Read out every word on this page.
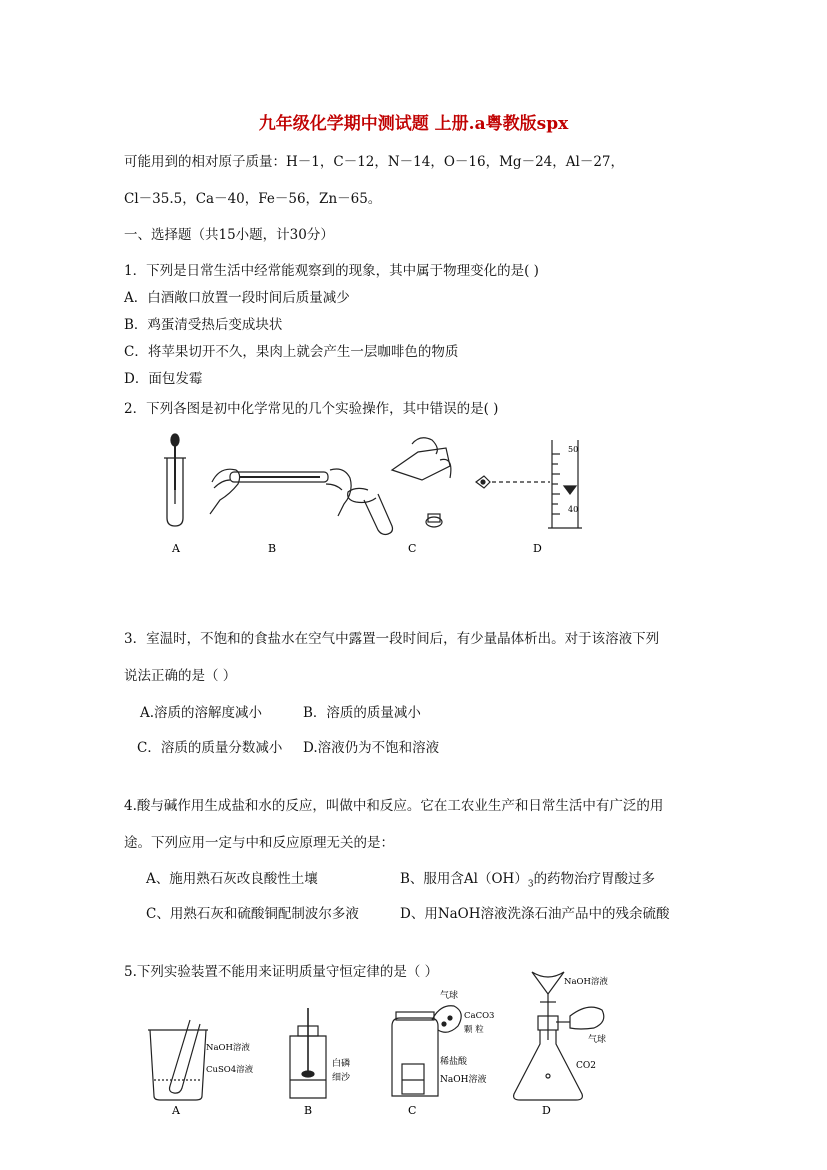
九年级化学期中测试题 上册.a粤教版spx
可能用到的相对原子质量：H－1，C－12，N－14，O－16，Mg－24，Al－27，
Cl－35.5，Ca－40，Fe－56，Zn－65。
一、选择题（共15小题，计30分）
1．下列是日常生活中经常能观察到的现象，其中属于物理变化的是( )
A．白酒敞口放置一段时间后质量减少
B．鸡蛋清受热后变成块状
C．将苹果切开不久，果肉上就会产生一层咖啡色的物质
D．面包发霉
2．下列各图是初中化学常见的几个实验操作，其中错误的是( )
A	B	C
50
40
D
3．室温时，不饱和的食盐水在空气中露置一段时间后，有少量晶体析出。对于该溶液下列
说法正确的是（ ）
A.溶质的溶解度减小	B．溶质的质量减小
C．溶质的质量分数减小 D.溶液仍为不饱和溶液
4.酸与碱作用生成盐和水的反应，叫做中和反应。它在工农业生产和日常生活中有广泛的用
途。下列应用一定与中和反应原理无关的是：
A、施用熟石灰改良酸性土壤	B、服用含$Al(OH)_3$的药物治疗胃酸过多
C、用熟石灰和硫酸铜配制波尔多液	D、用NaOH溶液洗涤石油产品中的残余硫酸
5.下列实验装置不能用来证明质量守恒定律的是（ ）
NaOH溶液
CuSO4溶液
A
白磷
细沙
B
气球
CaCO3
颗 粒
稀盐酸
NaOH溶液
C
NaOH溶液
气球
CO2
D
